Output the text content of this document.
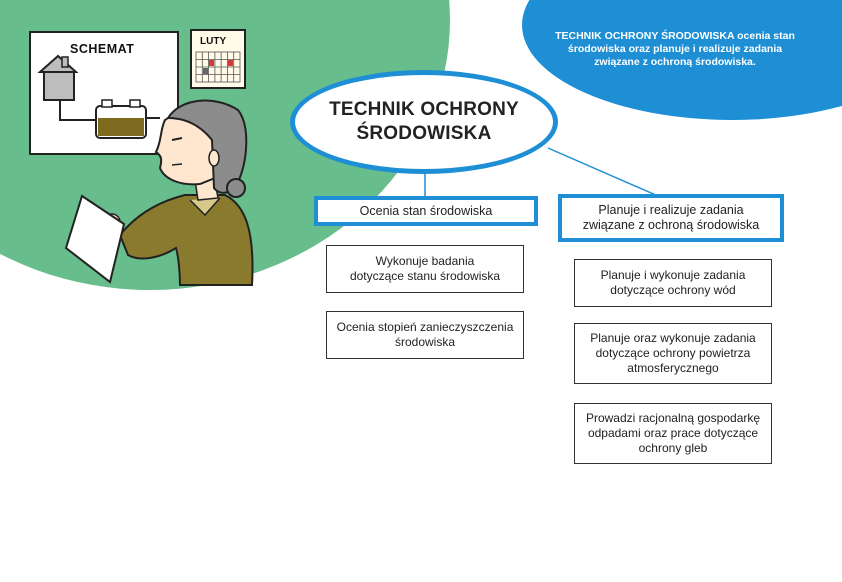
TECHNIK OCHRONY ŚRODOWISKA ocenia stan środowiska oraz planuje i realizuje zadania związane z ochroną środowiska.
SCHEMAT
LUTY
TECHNIK OCHRONY
ŚRODOWISKA
Ocenia stan środowiska
Wykonuje badania
dotyczące stanu środowiska
Ocenia stopień zanieczyszczenia
środowiska
Planuje i realizuje zadania
związane z ochroną środowiska
Planuje i wykonuje zadania
dotyczące ochrony wód
Planuje oraz wykonuje zadania
dotyczące ochrony powietrza
atmosferycznego
Prowadzi racjonalną gospodarkę
odpadami oraz prace dotyczące
ochrony gleb
